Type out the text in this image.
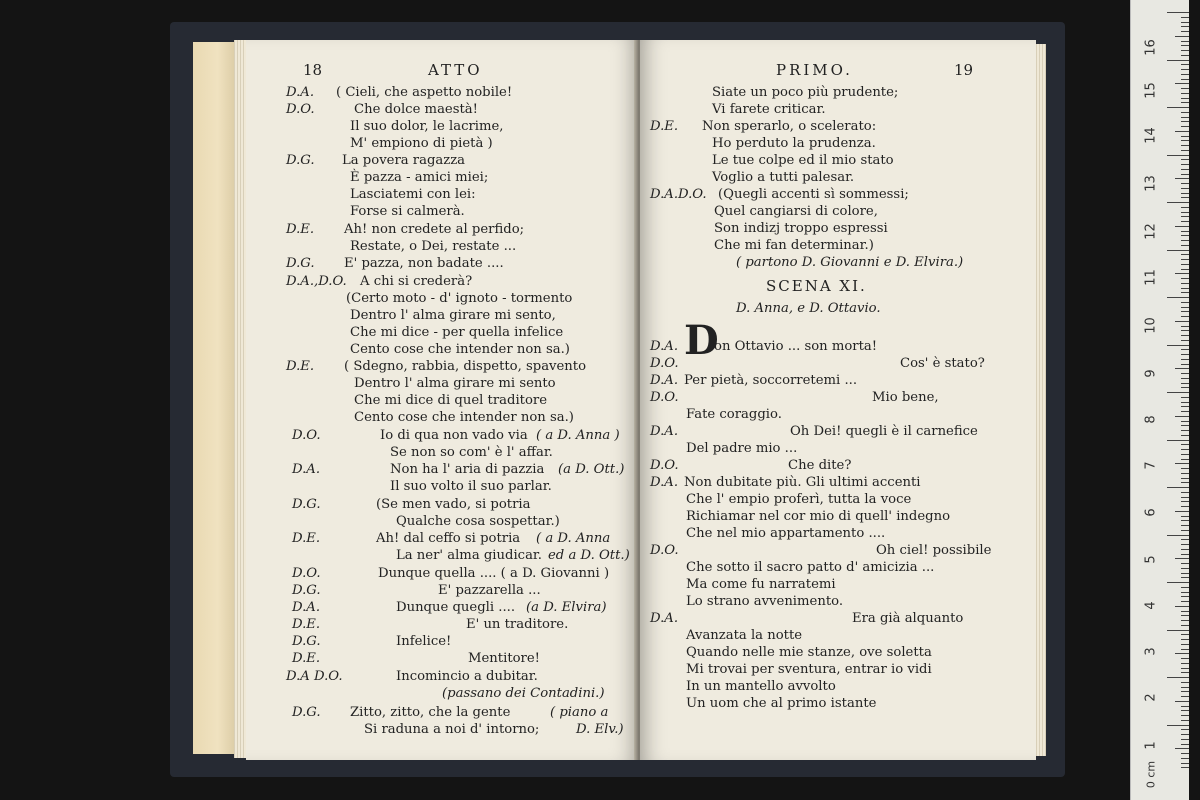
18	ATTO
D.A. ( Cieli, che aspetto nobile!
D.O.	Che dolce maestà!
Il suo dolor, le lacrime,
M' empiono di pietà )
D.G. La povera ragazza
È pazza - amici miei;
Lasciatemi con lei:
Forse si calmerà.
D.E. Ah! non credete al perfido;
Restate, o Dei, restate ...
D.G. E' pazza, non badate ....
D.A.,D.O. A chi si crederà?
(Certo moto - d' ignoto - tormento
Dentro l' alma girare mi sento,
Che mi dice - per quella infelice
Cento cose che intender non sa.)
D.E. ( Sdegno, rabbia, dispetto, spavento
Dentro l' alma girare mi sento
Che mi dice di quel traditore
Cento cose che intender non sa.)
D.O.	Io di qua non vado via ( a D. Anna )
Se non so com' è l' affar.
D.A.	Non ha l' aria di pazzia (a D. Ott.)
Il suo volto il suo parlar.
D.G.	(Se men vado, si potria
Qualche cosa sospettar.)
D.E.	Ah! dal ceffo si potria ( a D. Anna
La ner' alma giudicar. ed a D. Ott.)
D.O.	Dunque quella .... ( a D. Giovanni )
D.G.	E' pazzarella ...
D.A.	Dunque quegli .... (a D. Elvira)
D.E.	E' un traditore.
D.G.	Infelice!
D.E.	Mentitore!
D.A D.O.	Incomincio a dubitar.
(passano dei Contadini.)
D.G. Zitto, zitto, che la gente	( piano a
Si raduna a noi d' intorno;	D. Elv.)
PRIMO.	19
Siate un poco più prudente;
Vi farete criticar.
D.E. Non sperarlo, o scelerato:
Ho perduto la prudenza.
Le tue colpe ed il mio stato
Voglio a tutti palesar.
D.A.D.O. (Quegli accenti sì sommessi;
Quel cangiarsi di colore,
Son indizj troppo espressi
Che mi fan determinar.)
( partono D. Giovanni e D. Elvira.)
SCENA XI.
D. Anna, e D. Ottavio.
D.A. D
on Ottavio ... son morta!
D.O.	Cos' è stato?
D.A. Per pietà, soccorretemi ...
D.O.	Mio bene,
Fate coraggio.
D.A.	Oh Dei! quegli è il carnefice
Del padre mio ...
D.O.	Che dite?
D.A. Non dubitate più. Gli ultimi accenti
Che l' empio proferì, tutta la voce
Richiamar nel cor mio di quell' indegno
Che nel mio appartamento ....
D.O.	Oh ciel! possibile
Che sotto il sacro patto d' amicizia ...
Ma come fu narratemi
Lo strano avvenimento.
D.A.	Era già alquanto
Avanzata la notte
Quando nelle mie stanze, ove soletta
Mi trovai per sventura, entrar io vidi
In un mantello avvolto
Un uom che al primo istante
16
15
14
13
12
11
10
9
8
7
6
5
4
3
2
1
0 cm
